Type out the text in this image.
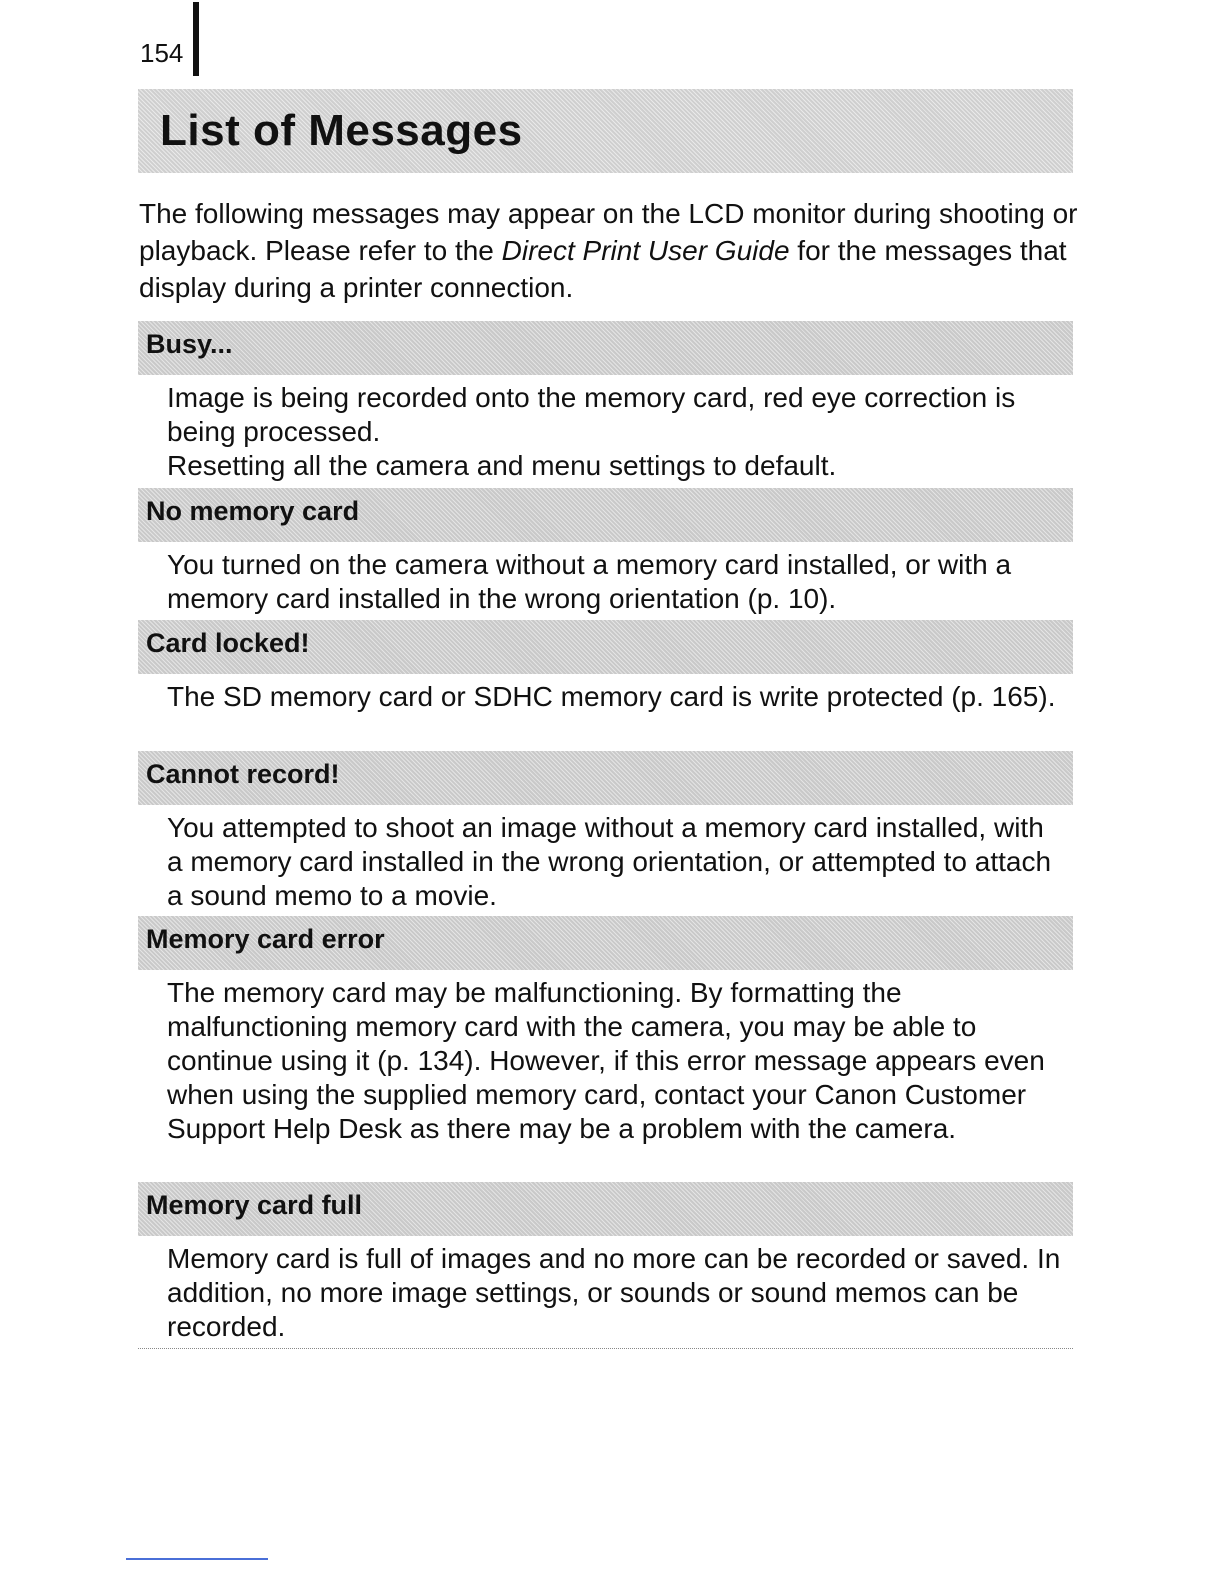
154
List of Messages

The following messages may appear on the LCD monitor during shooting or playback. Please refer to the Direct Print User Guide for the messages that display during a printer connection.

Busy...

Image is being recorded onto the memory card, red eye correction is being processed.

Resetting all the camera and menu settings to default.

No memory card

You turned on the camera without a memory card installed, or with a memory card installed in the wrong orientation (p. 10).

Card locked!

The SD memory card or SDHC memory card is write protected (p. 165).

Cannot record!

You attempted to shoot an image without a memory card installed, with a memory card installed in the wrong orientation, or attempted to attach a sound memo to a movie.

Memory card error

The memory card may be malfunctioning. By formatting the malfunctioning memory card with the camera, you may be able to continue using it (p. 134). However, if this error message appears even when using the supplied memory card, contact your Canon Customer Support Help Desk as there may be a problem with the camera.

Memory card full

Memory card is full of images and no more can be recorded or saved. In addition, no more image settings, or sounds or sound memos can be recorded.
